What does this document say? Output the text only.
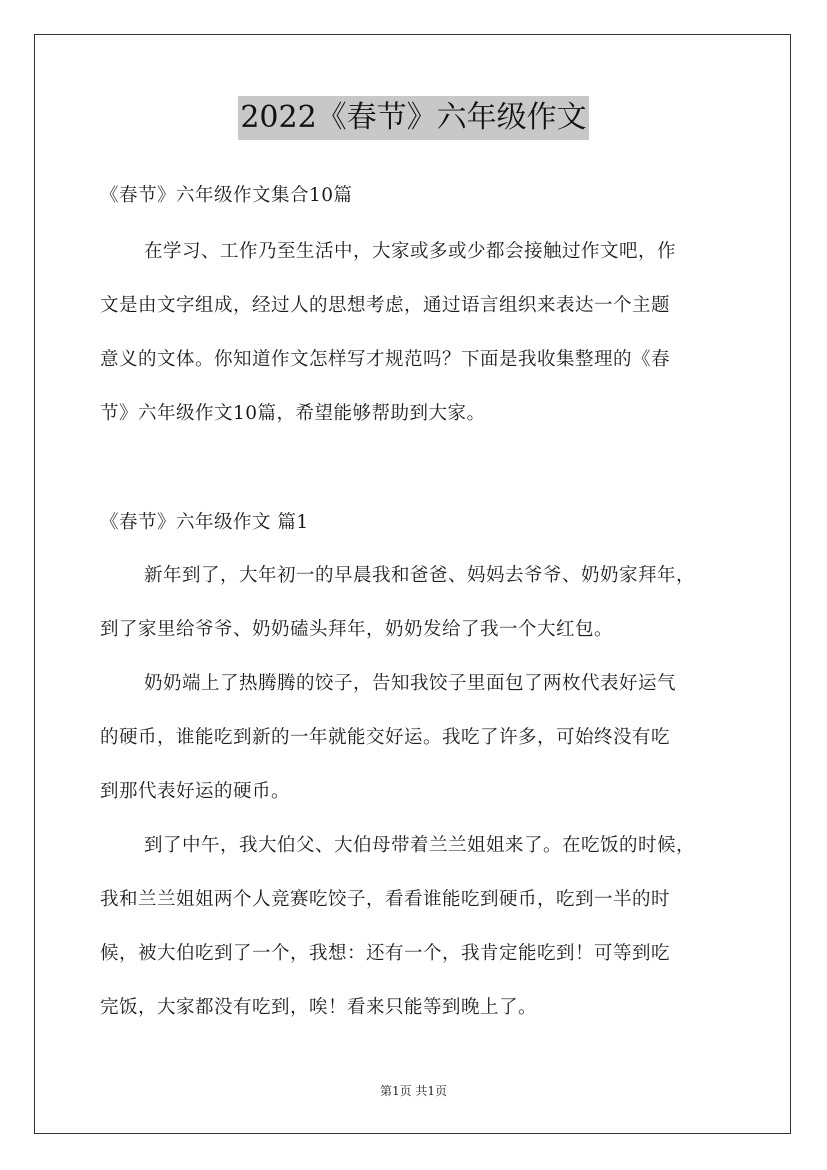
2022《春节》六年级作文
《春节》六年级作文集合10篇
在学习、工作乃至生活中，大家或多或少都会接触过作文吧，作
文是由文字组成，经过人的思想考虑，通过语言组织来表达一个主题
意义的文体。你知道作文怎样写才规范吗？下面是我收集整理的《春
节》六年级作文10篇，希望能够帮助到大家。
《春节》六年级作文 篇1
新年到了，大年初一的早晨我和爸爸、妈妈去爷爷、奶奶家拜年，
到了家里给爷爷、奶奶磕头拜年，奶奶发给了我一个大红包。
奶奶端上了热腾腾的饺子，告知我饺子里面包了两枚代表好运气
的硬币，谁能吃到新的一年就能交好运。我吃了许多，可始终没有吃
到那代表好运的硬币。
到了中午，我大伯父、大伯母带着兰兰姐姐来了。在吃饭的时候，
我和兰兰姐姐两个人竞赛吃饺子，看看谁能吃到硬币，吃到一半的时
候，被大伯吃到了一个，我想：还有一个，我肯定能吃到！可等到吃
完饭，大家都没有吃到，唉！看来只能等到晚上了。
第1页 共1页
